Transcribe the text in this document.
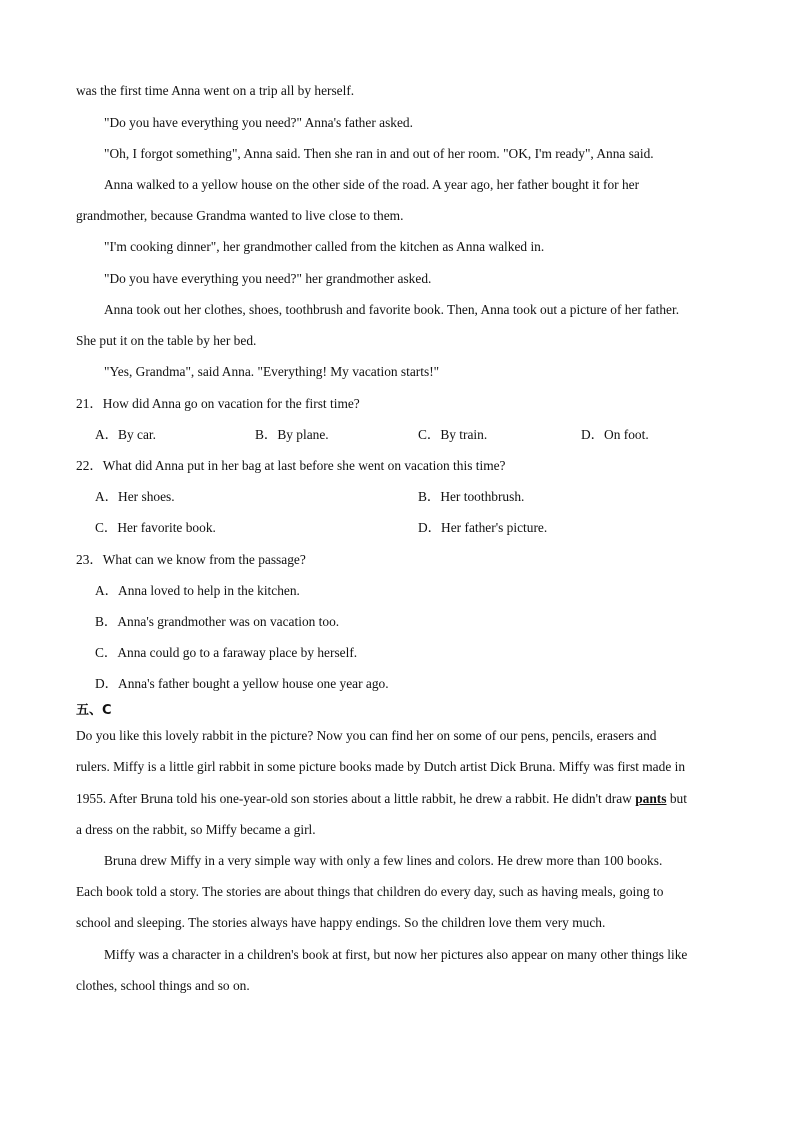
was the first time Anna went on a trip all by herself.
"Do you have everything you need?" Anna's father asked.
"Oh, I forgot something", Anna said. Then she ran in and out of her room. "OK, I'm ready", Anna said.
Anna walked to a yellow house on the other side of the road. A year ago, her father bought it for her
grandmother, because Grandma wanted to live close to them.
"I'm cooking dinner", her grandmother called from the kitchen as Anna walked in.
"Do you have everything you need?" her grandmother asked.
Anna took out her clothes, shoes, toothbrush and favorite book. Then, Anna took out a picture of her father.
She put it on the table by her bed.
"Yes, Grandma", said Anna. "Everything! My vacation starts!"
21．How did Anna go on vacation for the first time?
A．By car.	B．By plane.	C．By train.	D．On foot.
22．What did Anna put in her bag at last before she went on vacation this time?
A．Her shoes.	B．Her toothbrush.
C．Her favorite book.	D．Her father's picture.
23．What can we know from the passage?
A．Anna loved to help in the kitchen.
B．Anna's grandmother was on vacation too.
C．Anna could go to a faraway place by herself.
D．Anna's father bought a yellow house one year ago.
五、C
Do you like this lovely rabbit in the picture? Now you can find her on some of our pens, pencils, erasers and
rulers. Miffy is a little girl rabbit in some picture books made by Dutch artist Dick Bruna. Miffy was first made in
1955. After Bruna told his one-year-old son stories about a little rabbit, he drew a rabbit. He didn't draw pants but
a dress on the rabbit, so Miffy became a girl.
Bruna drew Miffy in a very simple way with only a few lines and colors. He drew more than 100 books.
Each book told a story. The stories are about things that children do every day, such as having meals, going to
school and sleeping. The stories always have happy endings. So the children love them very much.
Miffy was a character in a children's book at first, but now her pictures also appear on many other things like
clothes, school things and so on.
